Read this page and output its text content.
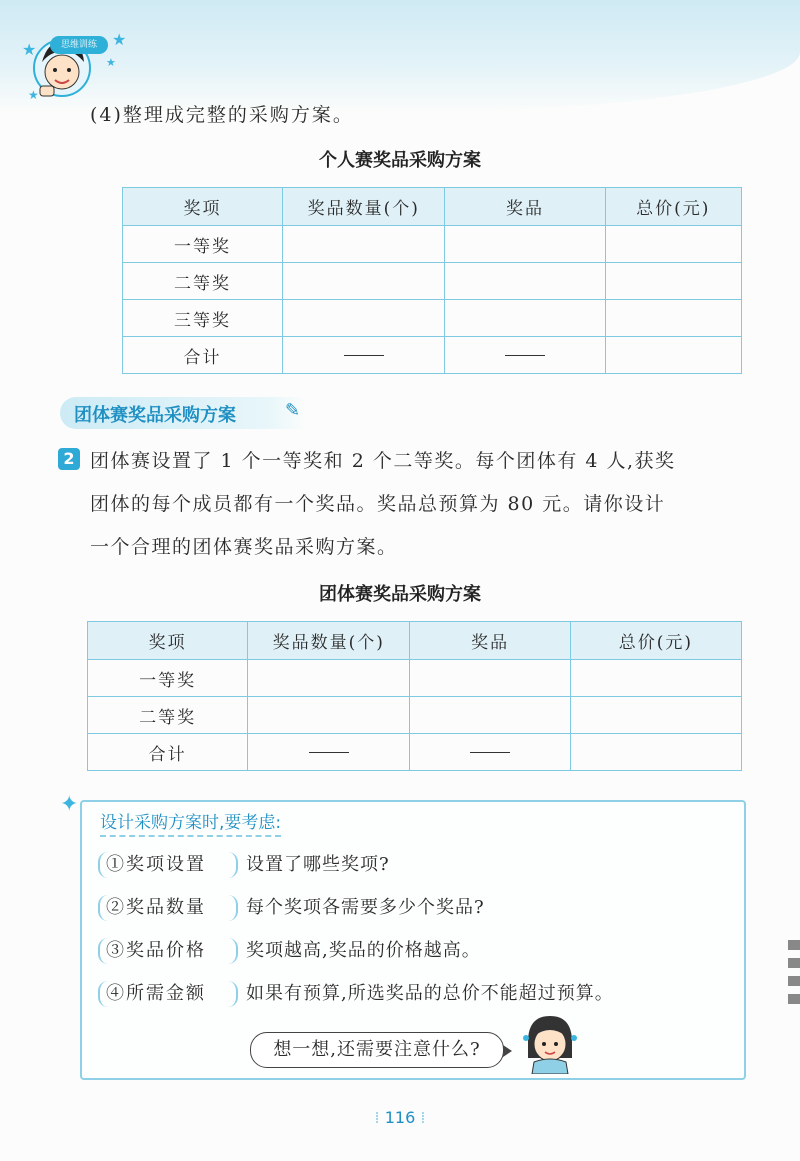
思维训练
★
★
★
★
(4)整理成完整的采购方案。
个人赛奖品采购方案
奖项	奖品数量(个)	奖品	总价(元)
一等奖			
二等奖			
三等奖			
合计			
团体赛奖品采购方案	✎
2 团体赛设置了 1 个一等奖和 2 个二等奖。每个团体有 4 人,获奖
团体的每个成员都有一个奖品。奖品总预算为 80 元。请你设计
一个合理的团体赛奖品采购方案。
团体赛奖品采购方案
奖项	奖品数量(个)	奖品	总价(元)
一等奖			
二等奖			
合计			
✦
设计采购方案时,要考虑:
①奖项设置	设置了哪些奖项?
②奖品数量	每个奖项各需要多少个奖品?
③奖品价格	奖项越高,奖品的价格越高。
④所需金额	如果有预算,所选奖品的总价不能超过预算。
想一想,还需要注意什么?
⁞ 116 ⁞
